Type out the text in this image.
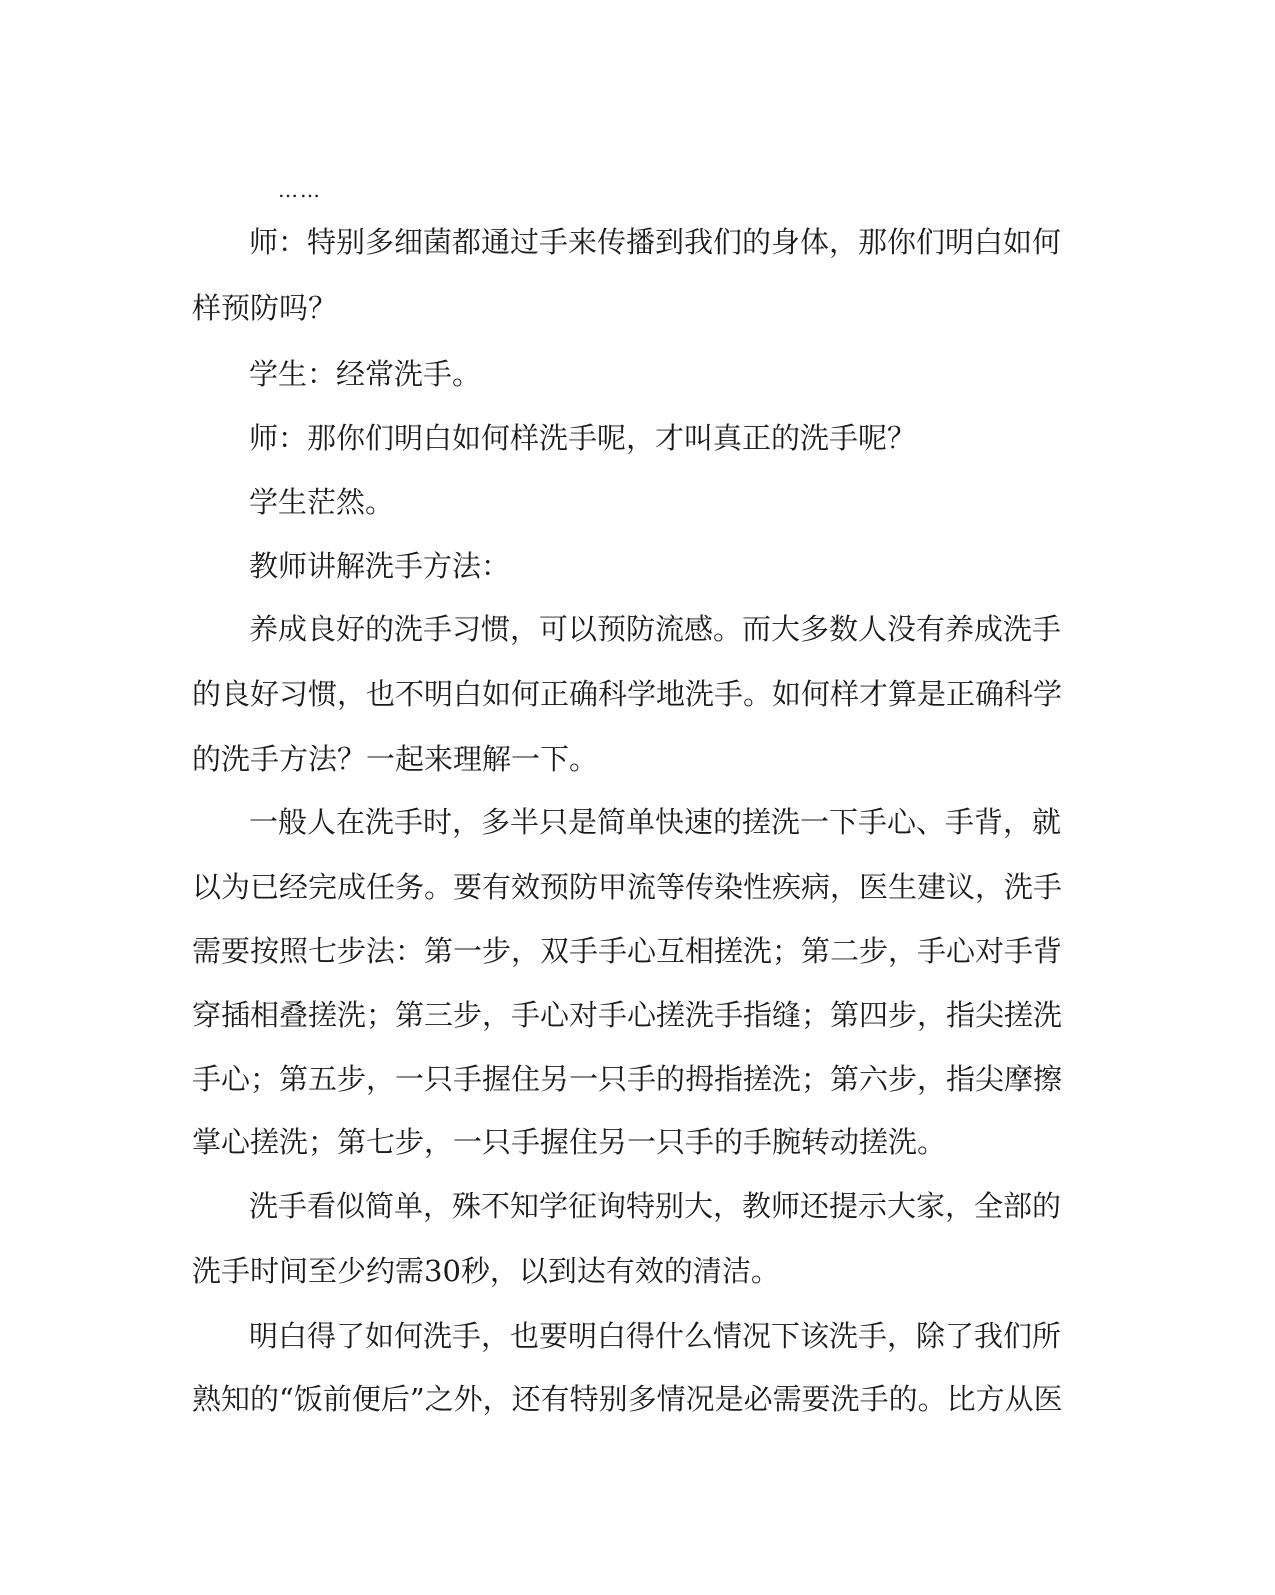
……
师：特别多细菌都通过手来传播到我们的身体，那你们明白如何
样预防吗？
学生：经常洗手。
师：那你们明白如何样洗手呢，才叫真正的洗手呢？
学生茫然。
教师讲解洗手方法：
养成良好的洗手习惯，可以预防流感。而大多数人没有养成洗手
的良好习惯，也不明白如何正确科学地洗手。如何样才算是正确科学
的洗手方法？一起来理解一下。
一般人在洗手时，多半只是简单快速的搓洗一下手心、手背，就
以为已经完成任务。要有效预防甲流等传染性疾病，医生建议，洗手
需要按照七步法：第一步，双手手心互相搓洗；第二步，手心对手背
穿插相叠搓洗；第三步，手心对手心搓洗手指缝；第四步，指尖搓洗
手心；第五步，一只手握住另一只手的拇指搓洗；第六步，指尖摩擦
掌心搓洗；第七步，一只手握住另一只手的手腕转动搓洗。
洗手看似简单，殊不知学征询特别大，教师还提示大家，全部的
洗手时间至少约需30秒，以到达有效的清洁。
明白得了如何洗手，也要明白得什么情况下该洗手，除了我们所
熟知的“饭前便后”之外，还有特别多情况是必需要洗手的。比方从医
